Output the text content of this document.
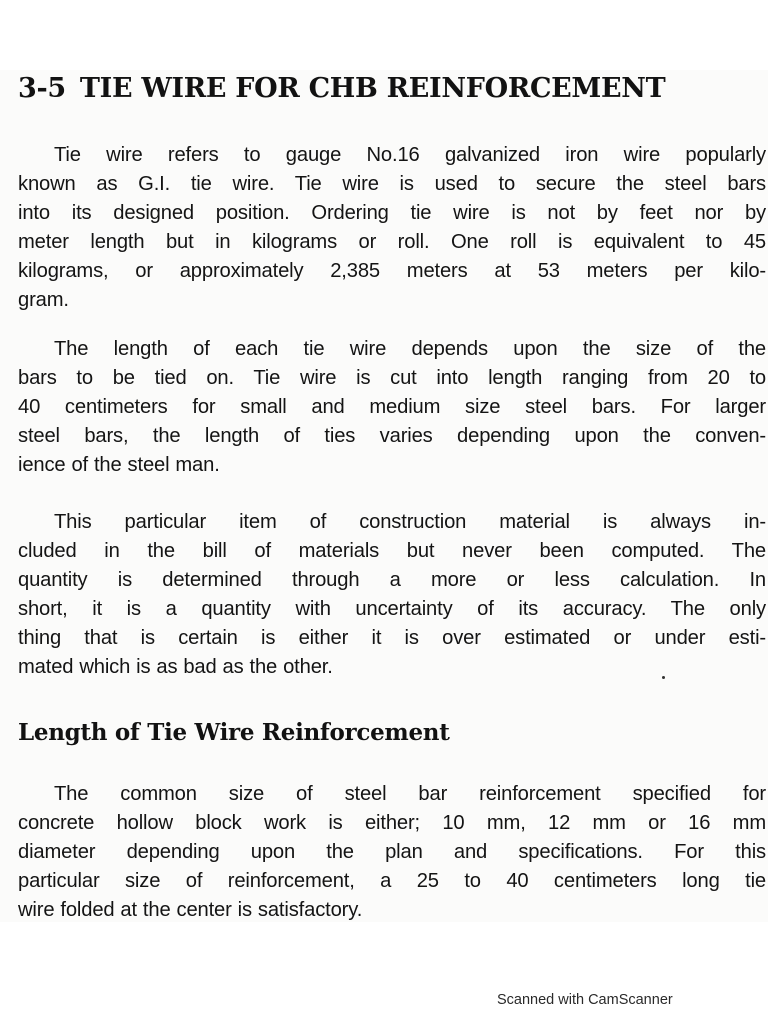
3-5 TIE WIRE FOR CHB REINFORCEMENT

Tie wire refers to gauge No.16 galvanized iron wire popularly
known as G.I. tie wire. Tie wire is used to secure the steel bars
into its designed position. Ordering tie wire is not by feet nor by
meter length but in kilograms or roll. One roll is equivalent to 45
kilograms, or approximately 2,385 meters at 53 meters per kilo-
gram.

The length of each tie wire depends upon the size of the
bars to be tied on. Tie wire is cut into length ranging from 20 to
40 centimeters for small and medium size steel bars. For larger
steel bars, the length of ties varies depending upon the conven-
ience of the steel man.

This particular item of construction material is always in-
cluded in the bill of materials but never been computed. The
quantity is determined through a more or less calculation. In
short, it is a quantity with uncertainty of its accuracy. The only
thing that is certain is either it is over estimated or under esti-
mated which is as bad as the other.

Length of Tie Wire Reinforcement

The common size of steel bar reinforcement specified for
concrete hollow block work is either; 10 mm, 12 mm or 16 mm
diameter depending upon the plan and specifications. For this
particular size of reinforcement, a 25 to 40 centimeters long tie
wire folded at the center is satisfactory.

Scanned with CamScanner
